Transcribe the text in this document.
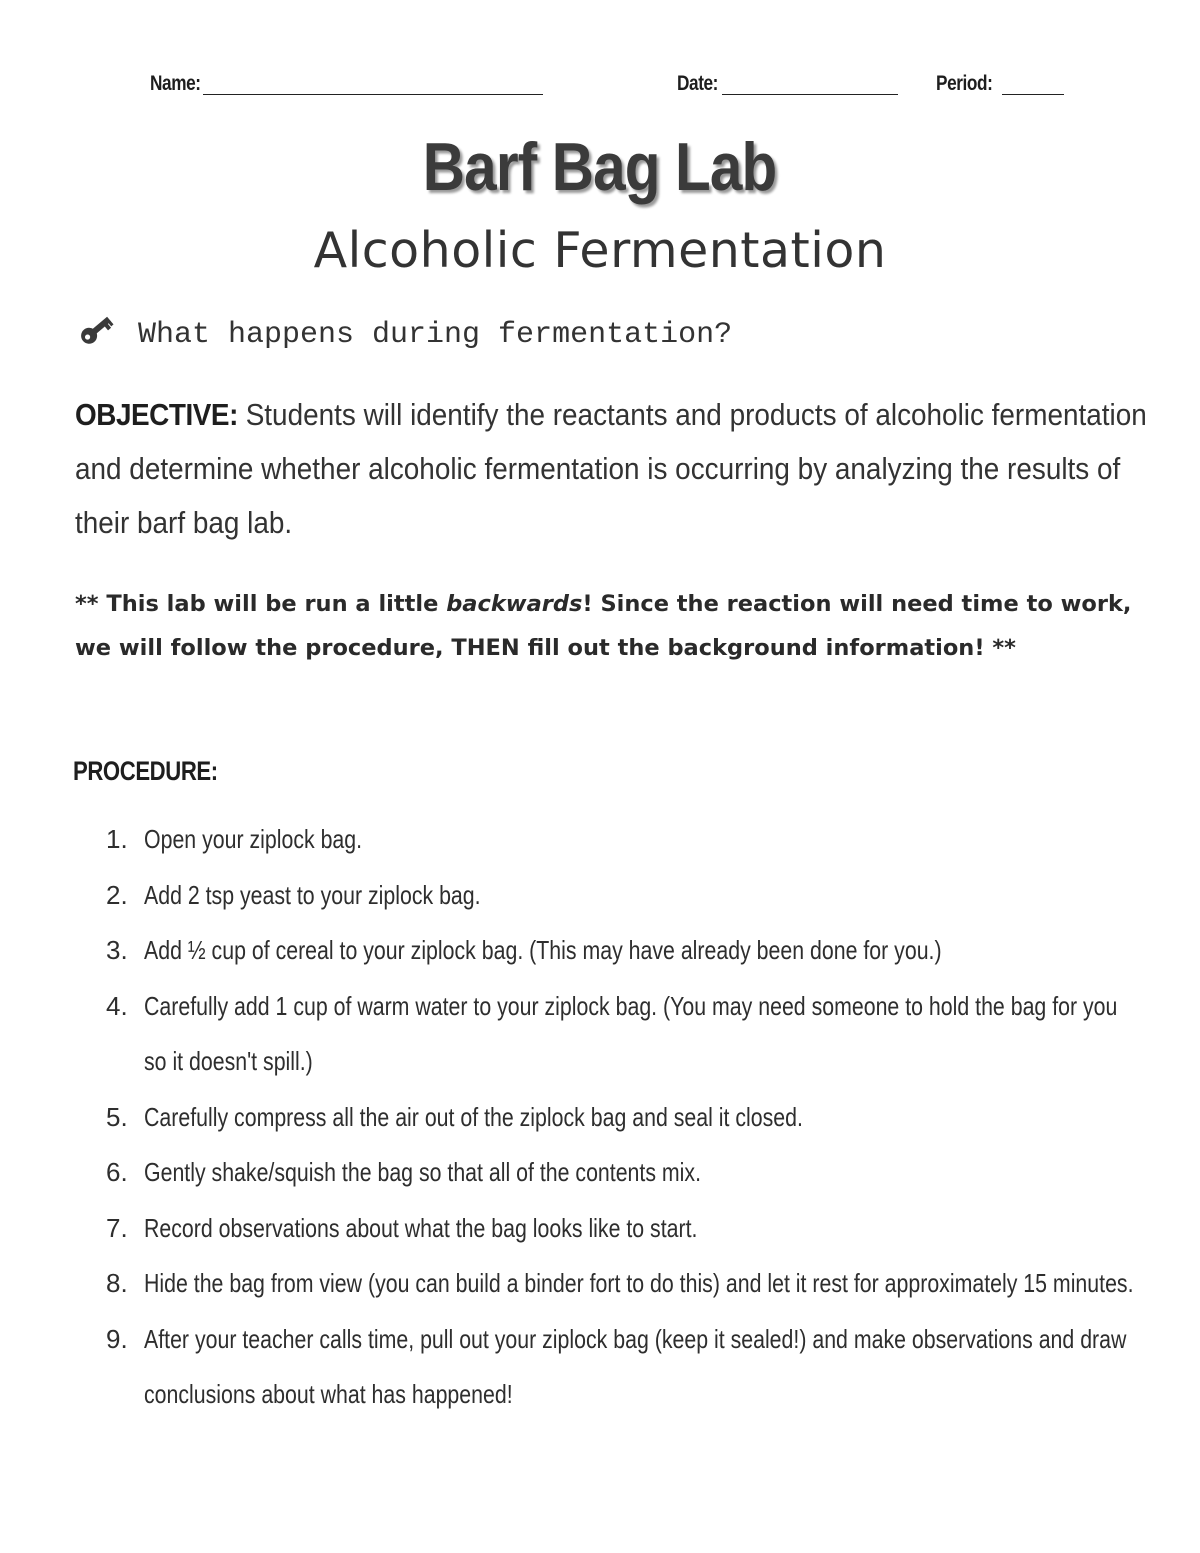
Name:	Date:	Period:
Barf Bag Lab
Alcoholic Fermentation
What happens during fermentation?
OBJECTIVE: Students will identify the reactants and products of alcoholic fermentation and determine whether alcoholic fermentation is occurring by analyzing the results of their barf bag lab.
** This lab will be run a little backwards! Since the reaction will need time to work, we will follow the procedure, THEN fill out the background information! **
PROCEDURE:
1. Open your ziplock bag.
2. Add 2 tsp yeast to your ziplock bag.
3. Add ½ cup of cereal to your ziplock bag. (This may have already been done for you.)
4. Carefully add 1 cup of warm water to your ziplock bag. (You may need someone to hold the bag for you so it doesn't spill.)
5. Carefully compress all the air out of the ziplock bag and seal it closed.
6. Gently shake/squish the bag so that all of the contents mix.
7. Record observations about what the bag looks like to start.
8. Hide the bag from view (you can build a binder fort to do this) and let it rest for approximately 15 minutes.
9. After your teacher calls time, pull out your ziplock bag (keep it sealed!) and make observations and draw conclusions about what has happened!
